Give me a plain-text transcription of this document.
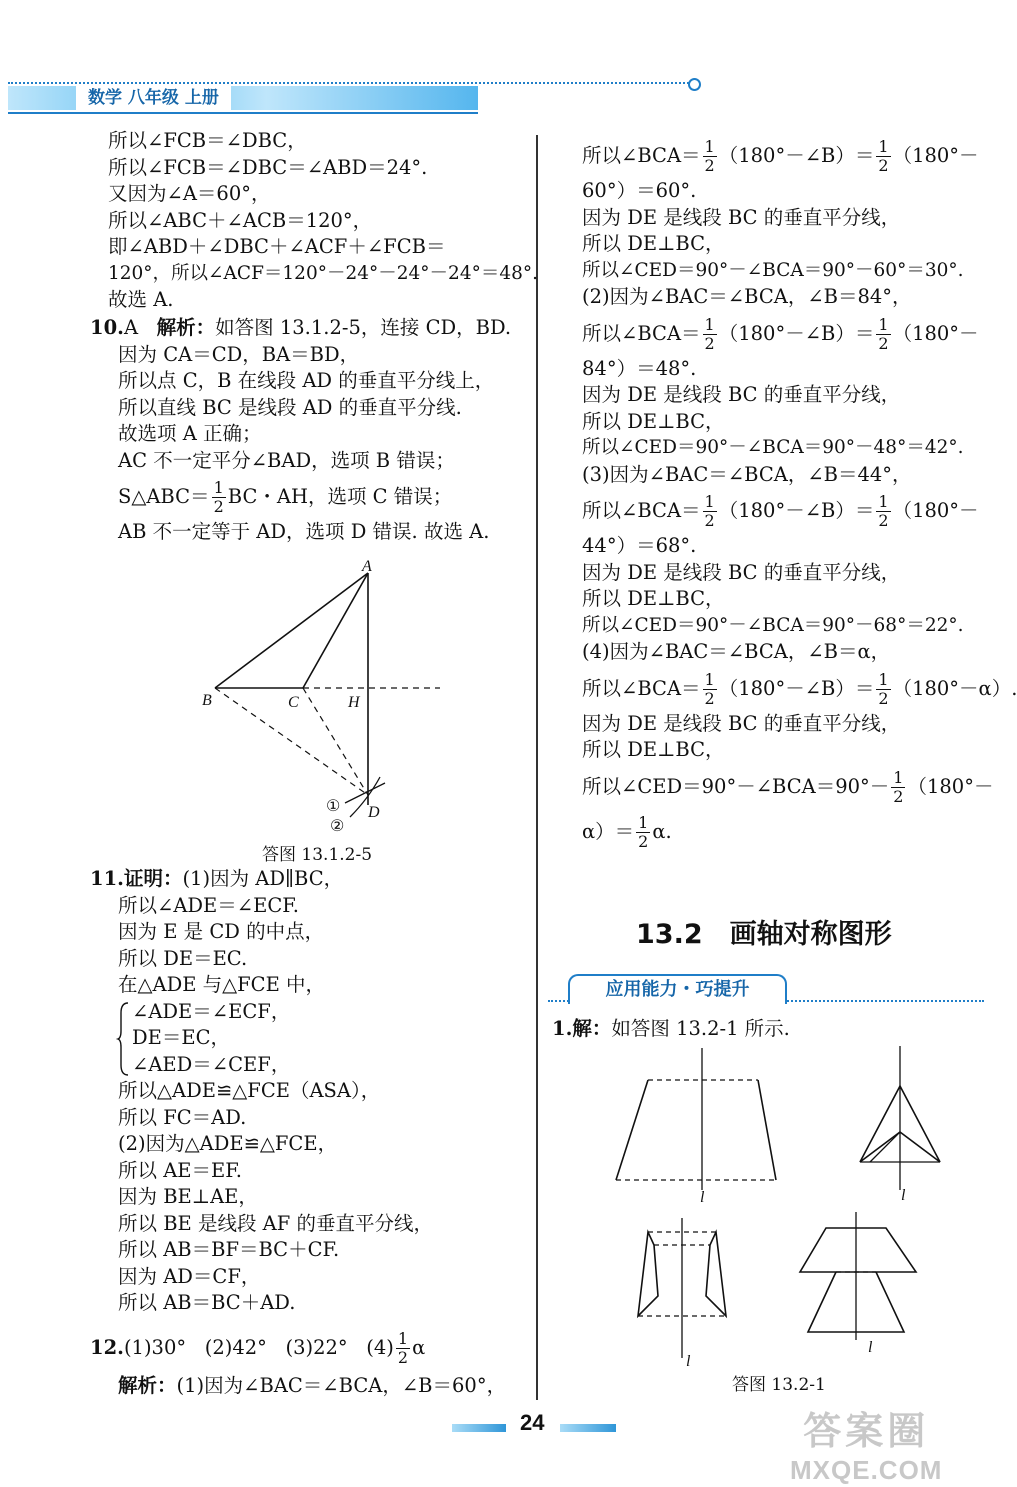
数学 八年级 上册
所以∠FCB＝∠DBC，
所以∠FCB＝∠DBC＝∠ABD＝24°.
又因为∠A＝60°，
所以∠ABC＋∠ACB＝120°，
即∠ABD＋∠DBC＋∠ACF＋∠FCB＝
120°，所以∠ACF＝120°－24°－24°－24°＝48°.
故选 A.
10.A 解析：如答图 13.1.2-5，连接 CD，BD.
因为 CA＝CD，BA＝BD，
所以点 C，B 在线段 AD 的垂直平分线上，
所以直线 BC 是线段 AD 的垂直平分线.
故选项 A 正确；
AC 不一定平分∠BAD，选项 B 错误；
S△ABC＝ $\frac{1}{2}$ BC・AH，选项 C 错误；
AB 不一定等于 AD，选项 D 错误. 故选 A.
A
B	C	H
D
①
②
答图 13.1.2-5
11.证明：(1)因为 AD∥BC，
所以∠ADE＝∠ECF.
因为 E 是 CD 的中点，
所以 DE＝EC.
在△ADE 与△FCE 中，
∠ADE＝∠ECF，
DE＝EC，
∠AED＝∠CEF，
所以△ADE≌△FCE（ASA），
所以 FC＝AD.
(2)因为△ADE≌△FCE，
所以 AE＝EF.
因为 BE⊥AE，
所以 BE 是线段 AF 的垂直平分线，
所以 AB＝BF＝BC＋CF.
因为 AD＝CF，
所以 AB＝BC＋AD.
12.(1)30°   (2)42°   (3)22°   $(4) \frac{1}{2}$ α
解析：(1)因为∠BAC＝∠BCA，∠B＝60°，
所以∠BCA＝ $\frac{1}{2}$ （180°－∠B）＝ $\frac{1}{2} (180^\circ-$
60°）＝60°.
因为 DE 是线段 BC 的垂直平分线，
所以 DE⊥BC，
所以∠CED＝90°－∠BCA＝90°－60°＝30°.
(2)因为∠BAC＝∠BCA，∠B＝84°，
所以∠BCA＝ $\frac{1}{2}$ （180°－∠B）＝ $\frac{1}{2} (180^\circ-$
84°）＝48°.
因为 DE 是线段 BC 的垂直平分线，
所以 DE⊥BC，
所以∠CED＝90°－∠BCA＝90°－48°＝42°.
(3)因为∠BAC＝∠BCA，∠B＝44°，
所以∠BCA＝ $\frac{1}{2}$ （180°－∠B）＝ $\frac{1}{2} (180^\circ-$
44°）＝68°.
因为 DE 是线段 BC 的垂直平分线，
所以 DE⊥BC，
所以∠CED＝90°－∠BCA＝90°－68°＝22°.
(4)因为∠BAC＝∠BCA，∠B＝α，
所以∠BCA＝ $\frac{1}{2}$ （180°－∠B）＝ $\frac{1}{2} (180^\circ-\alpha)$.
因为 DE 是线段 BC 的垂直平分线，
所以 DE⊥BC，
所以∠CED＝90°－∠BCA＝90°－ $\frac{1}{2} (180^\circ-$
$\alpha)= \frac{1}{2} \alpha$.
13.2　画轴对称图形
应用能力・巧提升
1.解：如答图 13.2-1 所示.
l	l
l
l
答图 13.2-1
24	答案圈
MXQE.COM
